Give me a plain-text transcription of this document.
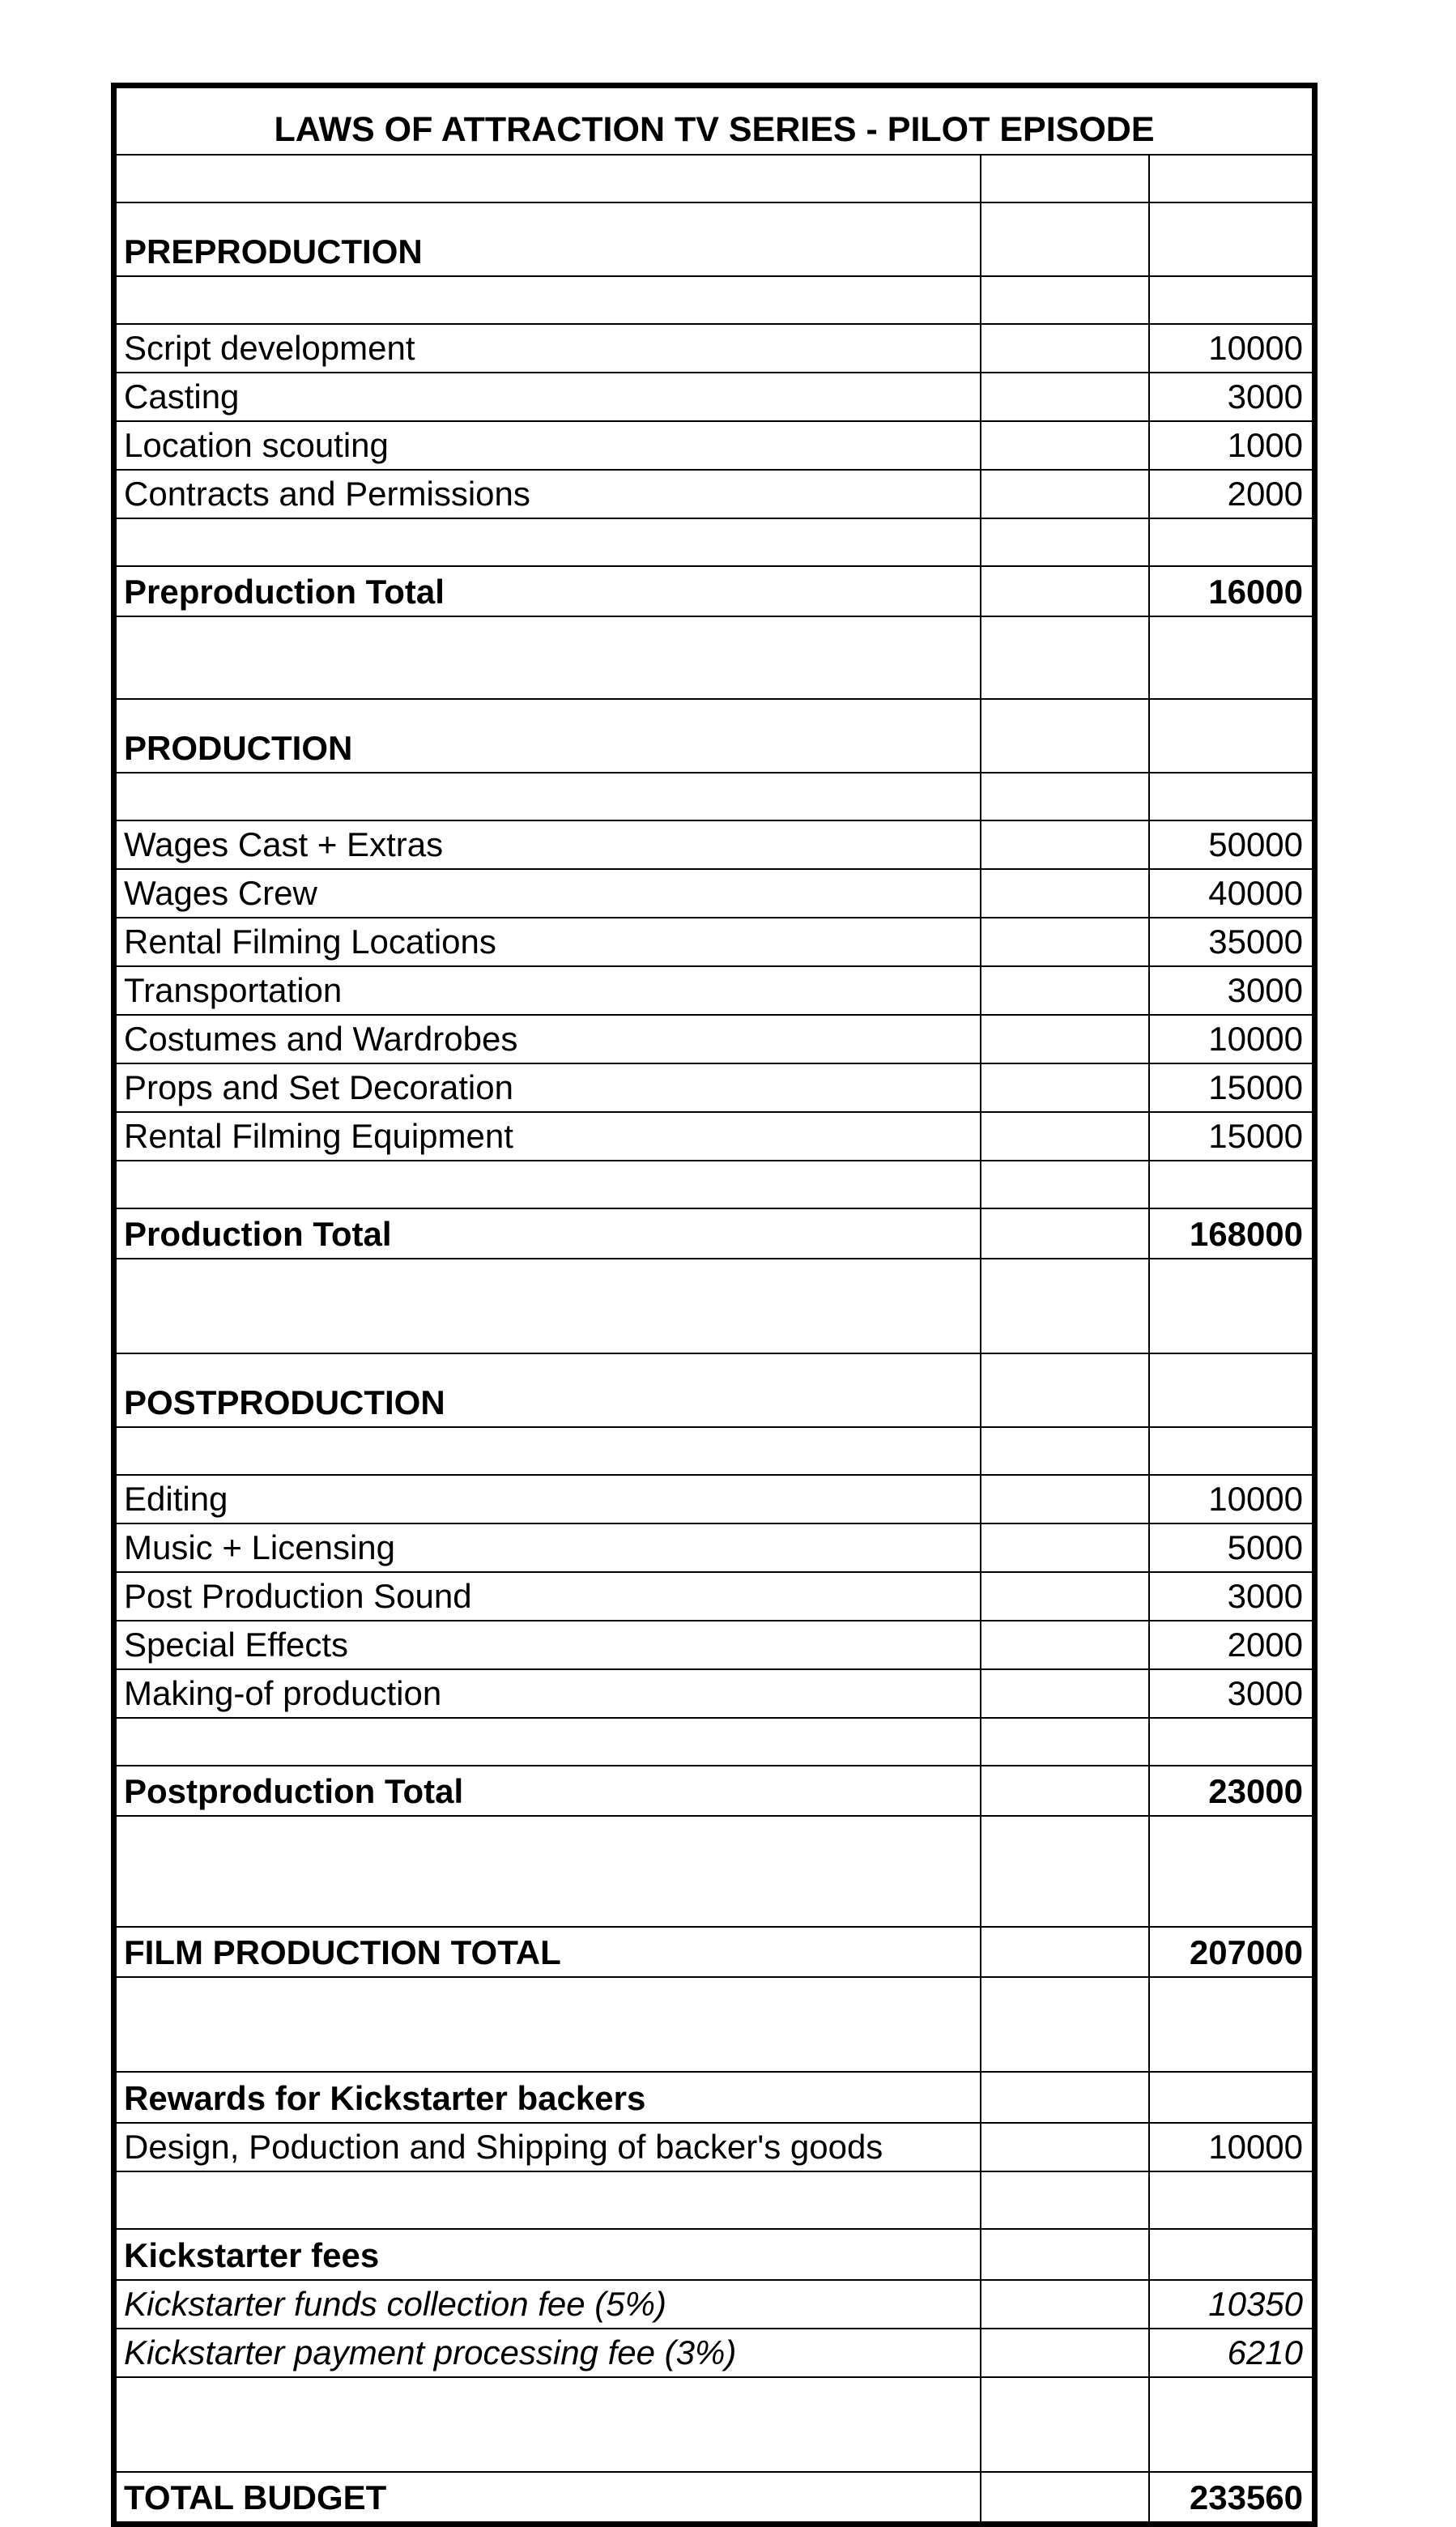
LAWS OF ATTRACTION TV SERIES - PILOT EPISODE		

PREPRODUCTION		

Script development		10000
Casting		3000
Location scouting		1000
Contracts and Permissions		2000

Preproduction Total		16000

PRODUCTION		

Wages Cast + Extras		50000
Wages Crew		40000
Rental Filming Locations		35000
Transportation		3000
Costumes and Wardrobes		10000
Props and Set Decoration		15000
Rental Filming Equipment		15000

Production Total		168000

POSTPRODUCTION		

Editing		10000
Music + Licensing		5000
Post Production Sound		3000
Special Effects		2000
Making-of production		3000

Postproduction Total		23000

FILM PRODUCTION TOTAL		207000

Rewards for Kickstarter backers		
Design, Poduction and Shipping of backer's goods		10000

Kickstarter fees		
Kickstarter funds collection fee (5%)		10350
Kickstarter payment processing fee (3%)		6210

TOTAL BUDGET		233560
